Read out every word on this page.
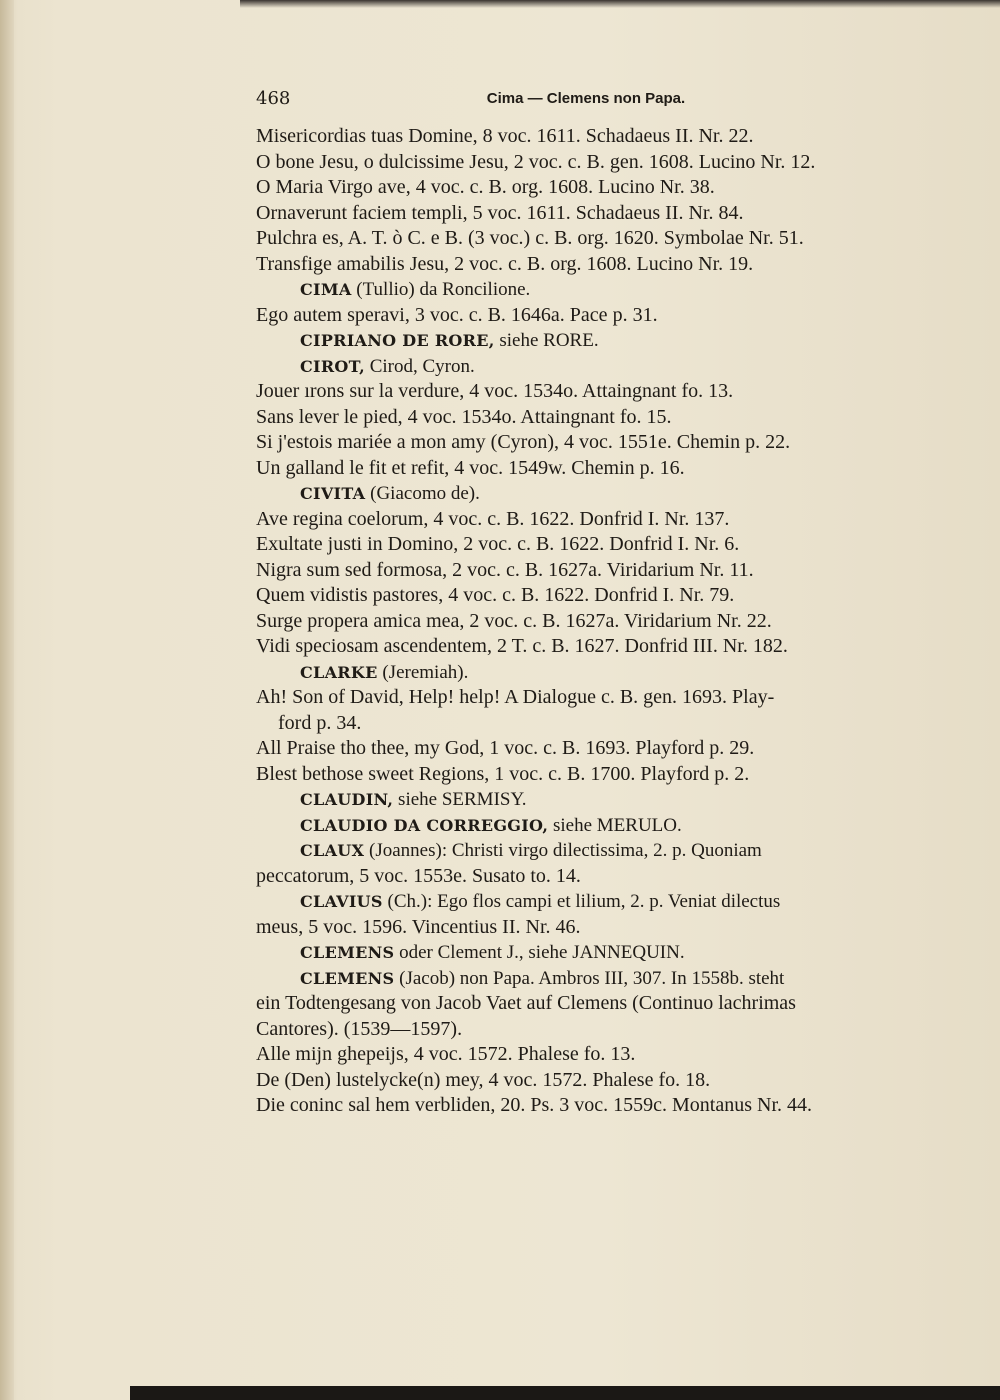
468	Cima — Clemens non Papa.
Misericordias tuas Domine, 8 voc. 1611. Schadaeus II. Nr. 22.
O bone Jesu, o dulcissime Jesu, 2 voc. c. B. gen. 1608. Lucino Nr. 12.
O Maria Virgo ave, 4 voc. c. B. org. 1608. Lucino Nr. 38.
Ornaverunt faciem templi, 5 voc. 1611. Schadaeus II. Nr. 84.
Pulchra es, A. T. ò C. e B. (3 voc.) c. B. org. 1620. Symbolae Nr. 51.
Transfige amabilis Jesu, 2 voc. c. B. org. 1608. Lucino Nr. 19.
CIMA (Tullio) da Roncilione.
Ego autem speravi, 3 voc. c. B. 1646a. Pace p. 31.
CIPRIANO DE RORE, siehe RORE.
CIROT, Cirod, Cyron.
Jouer ırons sur la verdure, 4 voc. 1534o. Attaingnant fo. 13.
Sans lever le pied, 4 voc. 1534o. Attaingnant fo. 15.
Si j'estois mariée a mon amy (Cyron), 4 voc. 1551e. Chemin p. 22.
Un galland le fit et refit, 4 voc. 1549w. Chemin p. 16.
CIVITA (Giacomo de).
Ave regina coelorum, 4 voc. c. B. 1622. Donfrid I. Nr. 137.
Exultate justi in Domino, 2 voc. c. B. 1622. Donfrid I. Nr. 6.
Nigra sum sed formosa, 2 voc. c. B. 1627a. Viridarium Nr. 11.
Quem vidistis pastores, 4 voc. c. B. 1622. Donfrid I. Nr. 79.
Surge propera amica mea, 2 voc. c. B. 1627a. Viridarium Nr. 22.
Vidi speciosam ascendentem, 2 T. c. B. 1627. Donfrid III. Nr. 182.
CLARKE (Jeremiah).
Ah! Son of David, Help! help! A Dialogue c. B. gen. 1693. Play-
ford p. 34.
All Praise tho thee, my God, 1 voc. c. B. 1693. Playford p. 29.
Blest bethose sweet Regions, 1 voc. c. B. 1700. Playford p. 2.
CLAUDIN, siehe SERMISY.
CLAUDIO DA CORREGGIO, siehe MERULO.
CLAUX (Joannes): Christi virgo dilectissima, 2. p. Quoniam
peccatorum, 5 voc. 1553e. Susato to. 14.
CLAVIUS (Ch.): Ego flos campi et lilium, 2. p. Veniat dilectus
meus, 5 voc. 1596. Vincentius II. Nr. 46.
CLEMENS oder Clement J., siehe JANNEQUIN.
CLEMENS (Jacob) non Papa. Ambros III, 307. In 1558b. steht
ein Todtengesang von Jacob Vaet auf Clemens (Continuo lachrimas
Cantores). (1539—1597).
Alle mijn ghepeijs, 4 voc. 1572. Phalese fo. 13.
De (Den) lustelycke(n) mey, 4 voc. 1572. Phalese fo. 18.
Die coninc sal hem verbliden, 20. Ps. 3 voc. 1559c. Montanus Nr. 44.
